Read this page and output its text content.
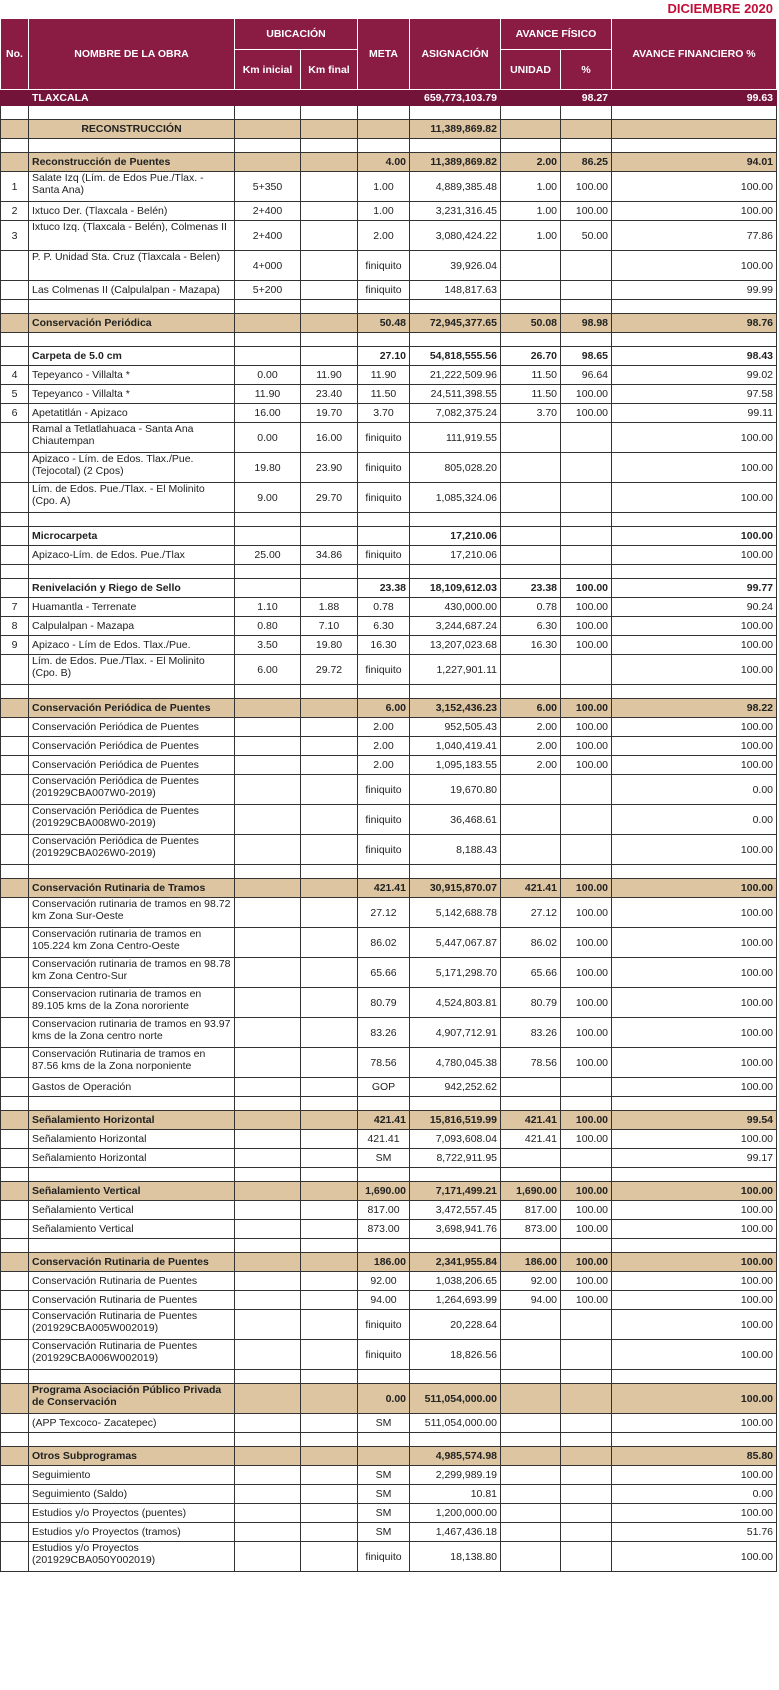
DICIEMBRE 2020
No.	NOMBRE DE LA OBRA	UBICACIÓN		META	ASIGNACIÓN	AVANCE FÍSICO		AVANCE FINANCIERO %
		Km inicial	Km final			UNIDAD	%	
	TLAXCALA				659,773,103.79		98.27	99.63

	RECONSTRUCCIÓN				11,389,869.82			

	Reconstrucción de Puentes			4.00	11,389,869.82	2.00	86.25	94.01
1	Salate Izq (Lím. de Edos Pue./Tlax. - Santa Ana)	5+350		1.00	4,889,385.48	1.00	100.00	100.00
2	Ixtuco Der. (Tlaxcala - Belén)	2+400		1.00	3,231,316.45	1.00	100.00	100.00
3	Ixtuco Izq. (Tlaxcala - Belén), Colmenas II	2+400		2.00	3,080,424.22	1.00	50.00	77.86
	P. P. Unidad Sta. Cruz (Tlaxcala - Belen)	4+000		finiquito	39,926.04			100.00
	Las Colmenas II (Calpulalpan - Mazapa)	5+200		finiquito	148,817.63			99.99

	Conservación Periódica			50.48	72,945,377.65	50.08	98.98	98.76

	Carpeta de 5.0 cm			27.10	54,818,555.56	26.70	98.65	98.43
4	Tepeyanco - Villalta *	0.00	11.90	11.90	21,222,509.96	11.50	96.64	99.02
5	Tepeyanco - Villalta *	11.90	23.40	11.50	24,511,398.55	11.50	100.00	97.58
6	Apetatitlán - Apizaco	16.00	19.70	3.70	7,082,375.24	3.70	100.00	99.11
	Ramal a Tetlatlahuaca - Santa Ana Chiautempan	0.00	16.00	finiquito	111,919.55			100.00
	Apizaco - Lím. de Edos. Tlax./Pue. (Tejocotal) (2 Cpos)	19.80	23.90	finiquito	805,028.20			100.00
	Lím. de Edos. Pue./Tlax. - El Molinito (Cpo. A)	9.00	29.70	finiquito	1,085,324.06			100.00

	Microcarpeta				17,210.06			100.00
	Apizaco-Lím. de Edos. Pue./Tlax	25.00	34.86	finiquito	17,210.06			100.00

	Renivelación y Riego de Sello			23.38	18,109,612.03	23.38	100.00	99.77
7	Huamantla - Terrenate	1.10	1.88	0.78	430,000.00	0.78	100.00	90.24
8	Calpulalpan - Mazapa	0.80	7.10	6.30	3,244,687.24	6.30	100.00	100.00
9	Apizaco - Lím de Edos. Tlax./Pue.	3.50	19.80	16.30	13,207,023.68	16.30	100.00	100.00
	Lím. de Edos. Pue./Tlax. - El Molinito (Cpo. B)	6.00	29.72	finiquito	1,227,901.11			100.00

	Conservación Periódica de Puentes			6.00	3,152,436.23	6.00	100.00	98.22
	Conservación Periódica de Puentes			2.00	952,505.43	2.00	100.00	100.00
	Conservación Periódica de Puentes			2.00	1,040,419.41	2.00	100.00	100.00
	Conservación Periódica de Puentes			2.00	1,095,183.55	2.00	100.00	100.00
	Conservación Periódica de Puentes (201929CBA007W0-2019)			finiquito	19,670.80			0.00
	Conservación Periódica de Puentes (201929CBA008W0-2019)			finiquito	36,468.61			0.00
	Conservación Periódica de Puentes (201929CBA026W0-2019)			finiquito	8,188.43			100.00

	Conservación Rutinaria de Tramos			421.41	30,915,870.07	421.41	100.00	100.00
	Conservación rutinaria de tramos en 98.72 km Zona Sur-Oeste			27.12	5,142,688.78	27.12	100.00	100.00
	Conservación rutinaria de tramos en 105.224 km Zona Centro-Oeste			86.02	5,447,067.87	86.02	100.00	100.00
	Conservación rutinaria de tramos en 98.78 km Zona Centro-Sur			65.66	5,171,298.70	65.66	100.00	100.00
	Conservacion rutinaria de tramos en 89.105 kms de la Zona nororiente			80.79	4,524,803.81	80.79	100.00	100.00
	Conservacion rutinaria de tramos en 93.97 kms de la Zona centro norte			83.26	4,907,712.91	83.26	100.00	100.00
	Conservación Rutinaria de tramos en 87.56 kms de la Zona norponiente			78.56	4,780,045.38	78.56	100.00	100.00
	Gastos de Operación			GOP	942,252.62			100.00

	Señalamiento Horizontal			421.41	15,816,519.99	421.41	100.00	99.54
	Señalamiento Horizontal			421.41	7,093,608.04	421.41	100.00	100.00
	Señalamiento Horizontal			SM	8,722,911.95			99.17

	Señalamiento Vertical			1,690.00	7,171,499.21	1,690.00	100.00	100.00
	Señalamiento Vertical			817.00	3,472,557.45	817.00	100.00	100.00
	Señalamiento Vertical			873.00	3,698,941.76	873.00	100.00	100.00

	Conservación Rutinaria de Puentes			186.00	2,341,955.84	186.00	100.00	100.00
	Conservación Rutinaria de Puentes			92.00	1,038,206.65	92.00	100.00	100.00
	Conservación Rutinaria de Puentes			94.00	1,264,693.99	94.00	100.00	100.00
	Conservación Rutinaria de Puentes (201929CBA005W002019)			finiquito	20,228.64			100.00
	Conservación Rutinaria de Puentes (201929CBA006W002019)			finiquito	18,826.56			100.00

	Programa Asociación Público Privada de Conservación			0.00	511,054,000.00			100.00
	(APP Texcoco- Zacatepec)			SM	511,054,000.00			100.00

	Otros Subprogramas				4,985,574.98			85.80
	Seguimiento			SM	2,299,989.19			100.00
	Seguimiento (Saldo)			SM	10.81			0.00
	Estudios y/o Proyectos (puentes)			SM	1,200,000.00			100.00
	Estudios y/o Proyectos (tramos)			SM	1,467,436.18			51.76
	Estudios y/o Proyectos (201929CBA050Y002019)			finiquito	18,138.80			100.00
